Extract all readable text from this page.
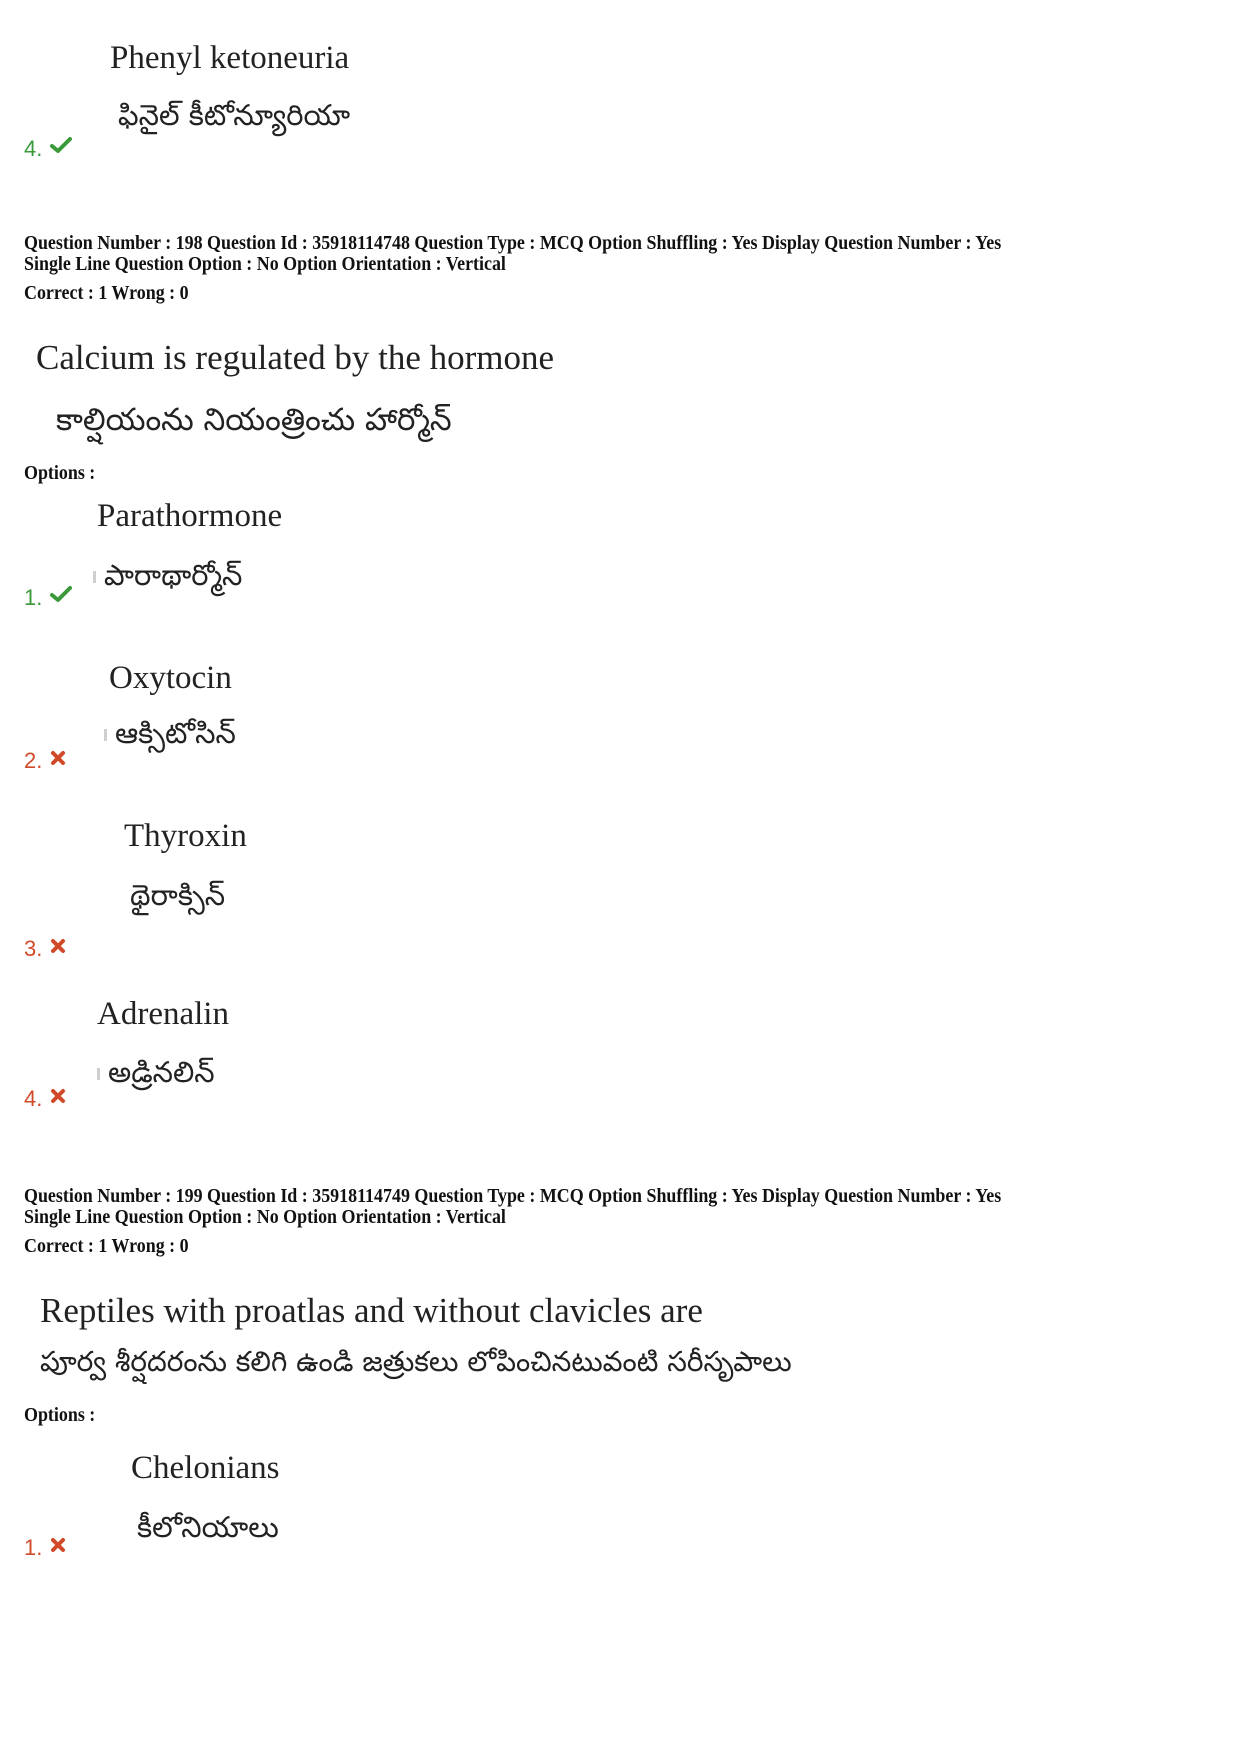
Phenyl ketoneuria
ఫినైల్ కీటోన్యూరియా
4.
Question Number : 198 Question Id : 35918114748 Question Type : MCQ Option Shuffling : Yes Display Question Number : Yes
Single Line Question Option : No Option Orientation : Vertical
Correct : 1 Wrong : 0
Calcium is regulated by the hormone
కాల్షియంను నియంత్రించు హార్మోన్
Options :
Parathormone
పారాథార్మోన్
1.
Oxytocin
ఆక్సిటోసిన్
2.
Thyroxin
థైరాక్సిన్
3.
Adrenalin
అడ్రినలిన్
4.
Question Number : 199 Question Id : 35918114749 Question Type : MCQ Option Shuffling : Yes Display Question Number : Yes
Single Line Question Option : No Option Orientation : Vertical
Correct : 1 Wrong : 0
Reptiles with proatlas and without clavicles are
పూర్వ శీర్షదరంను కలిగి ఉండి జత్రుకలు లోపించినటువంటి సరీసృపాలు
Options :
Chelonians
కీలోనియాలు
1.
